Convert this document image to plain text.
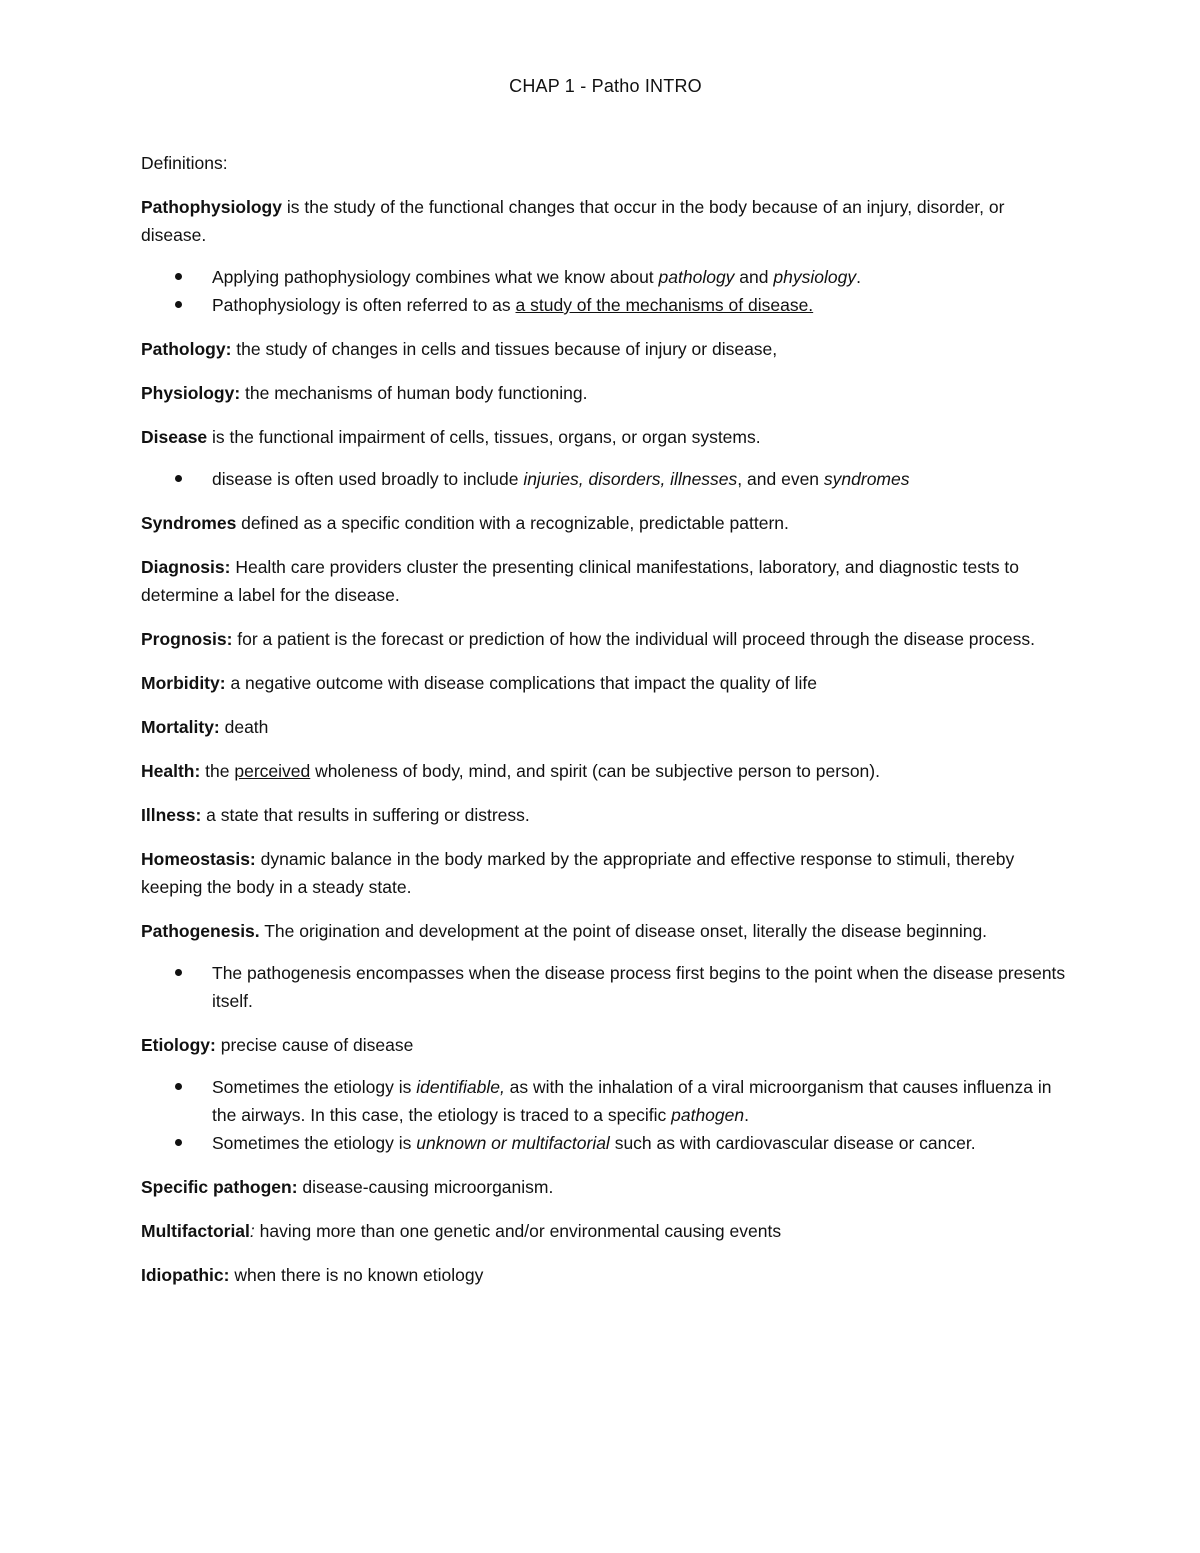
CHAP 1 - Patho INTRO

Definitions:

Pathophysiology is the study of the functional changes that occur in the body because of an injury, disorder, or disease.

Applying pathophysiology combines what we know about pathology and physiology.
Pathophysiology is often referred to as a study of the mechanisms of disease.

Pathology: the study of changes in cells and tissues because of injury or disease,

Physiology: the mechanisms of human body functioning.

Disease is the functional impairment of cells, tissues, organs, or organ systems.

disease is often used broadly to include injuries, disorders, illnesses, and even syndromes

Syndromes defined as a specific condition with a recognizable, predictable pattern.

Diagnosis: Health care providers cluster the presenting clinical manifestations, laboratory, and diagnostic tests to determine a label for the disease.

Prognosis: for a patient is the forecast or prediction of how the individual will proceed through the disease process.

Morbidity: a negative outcome with disease complications that impact the quality of life

Mortality: death

Health: the perceived wholeness of body, mind, and spirit (can be subjective person to person).

Illness: a state that results in suffering or distress.

Homeostasis: dynamic balance in the body marked by the appropriate and effective response to stimuli, thereby keeping the body in a steady state.

Pathogenesis. The origination and development at the point of disease onset, literally the disease beginning.

The pathogenesis encompasses when the disease process first begins to the point when the disease presents itself.

Etiology: precise cause of disease

Sometimes the etiology is identifiable, as with the inhalation of a viral microorganism that causes influenza in the airways. In this case, the etiology is traced to a specific pathogen.
Sometimes the etiology is unknown or multifactorial such as with cardiovascular disease or cancer.

Specific pathogen: disease-causing microorganism.

Multifactorial: having more than one genetic and/or environmental causing events

Idiopathic: when there is no known etiology
